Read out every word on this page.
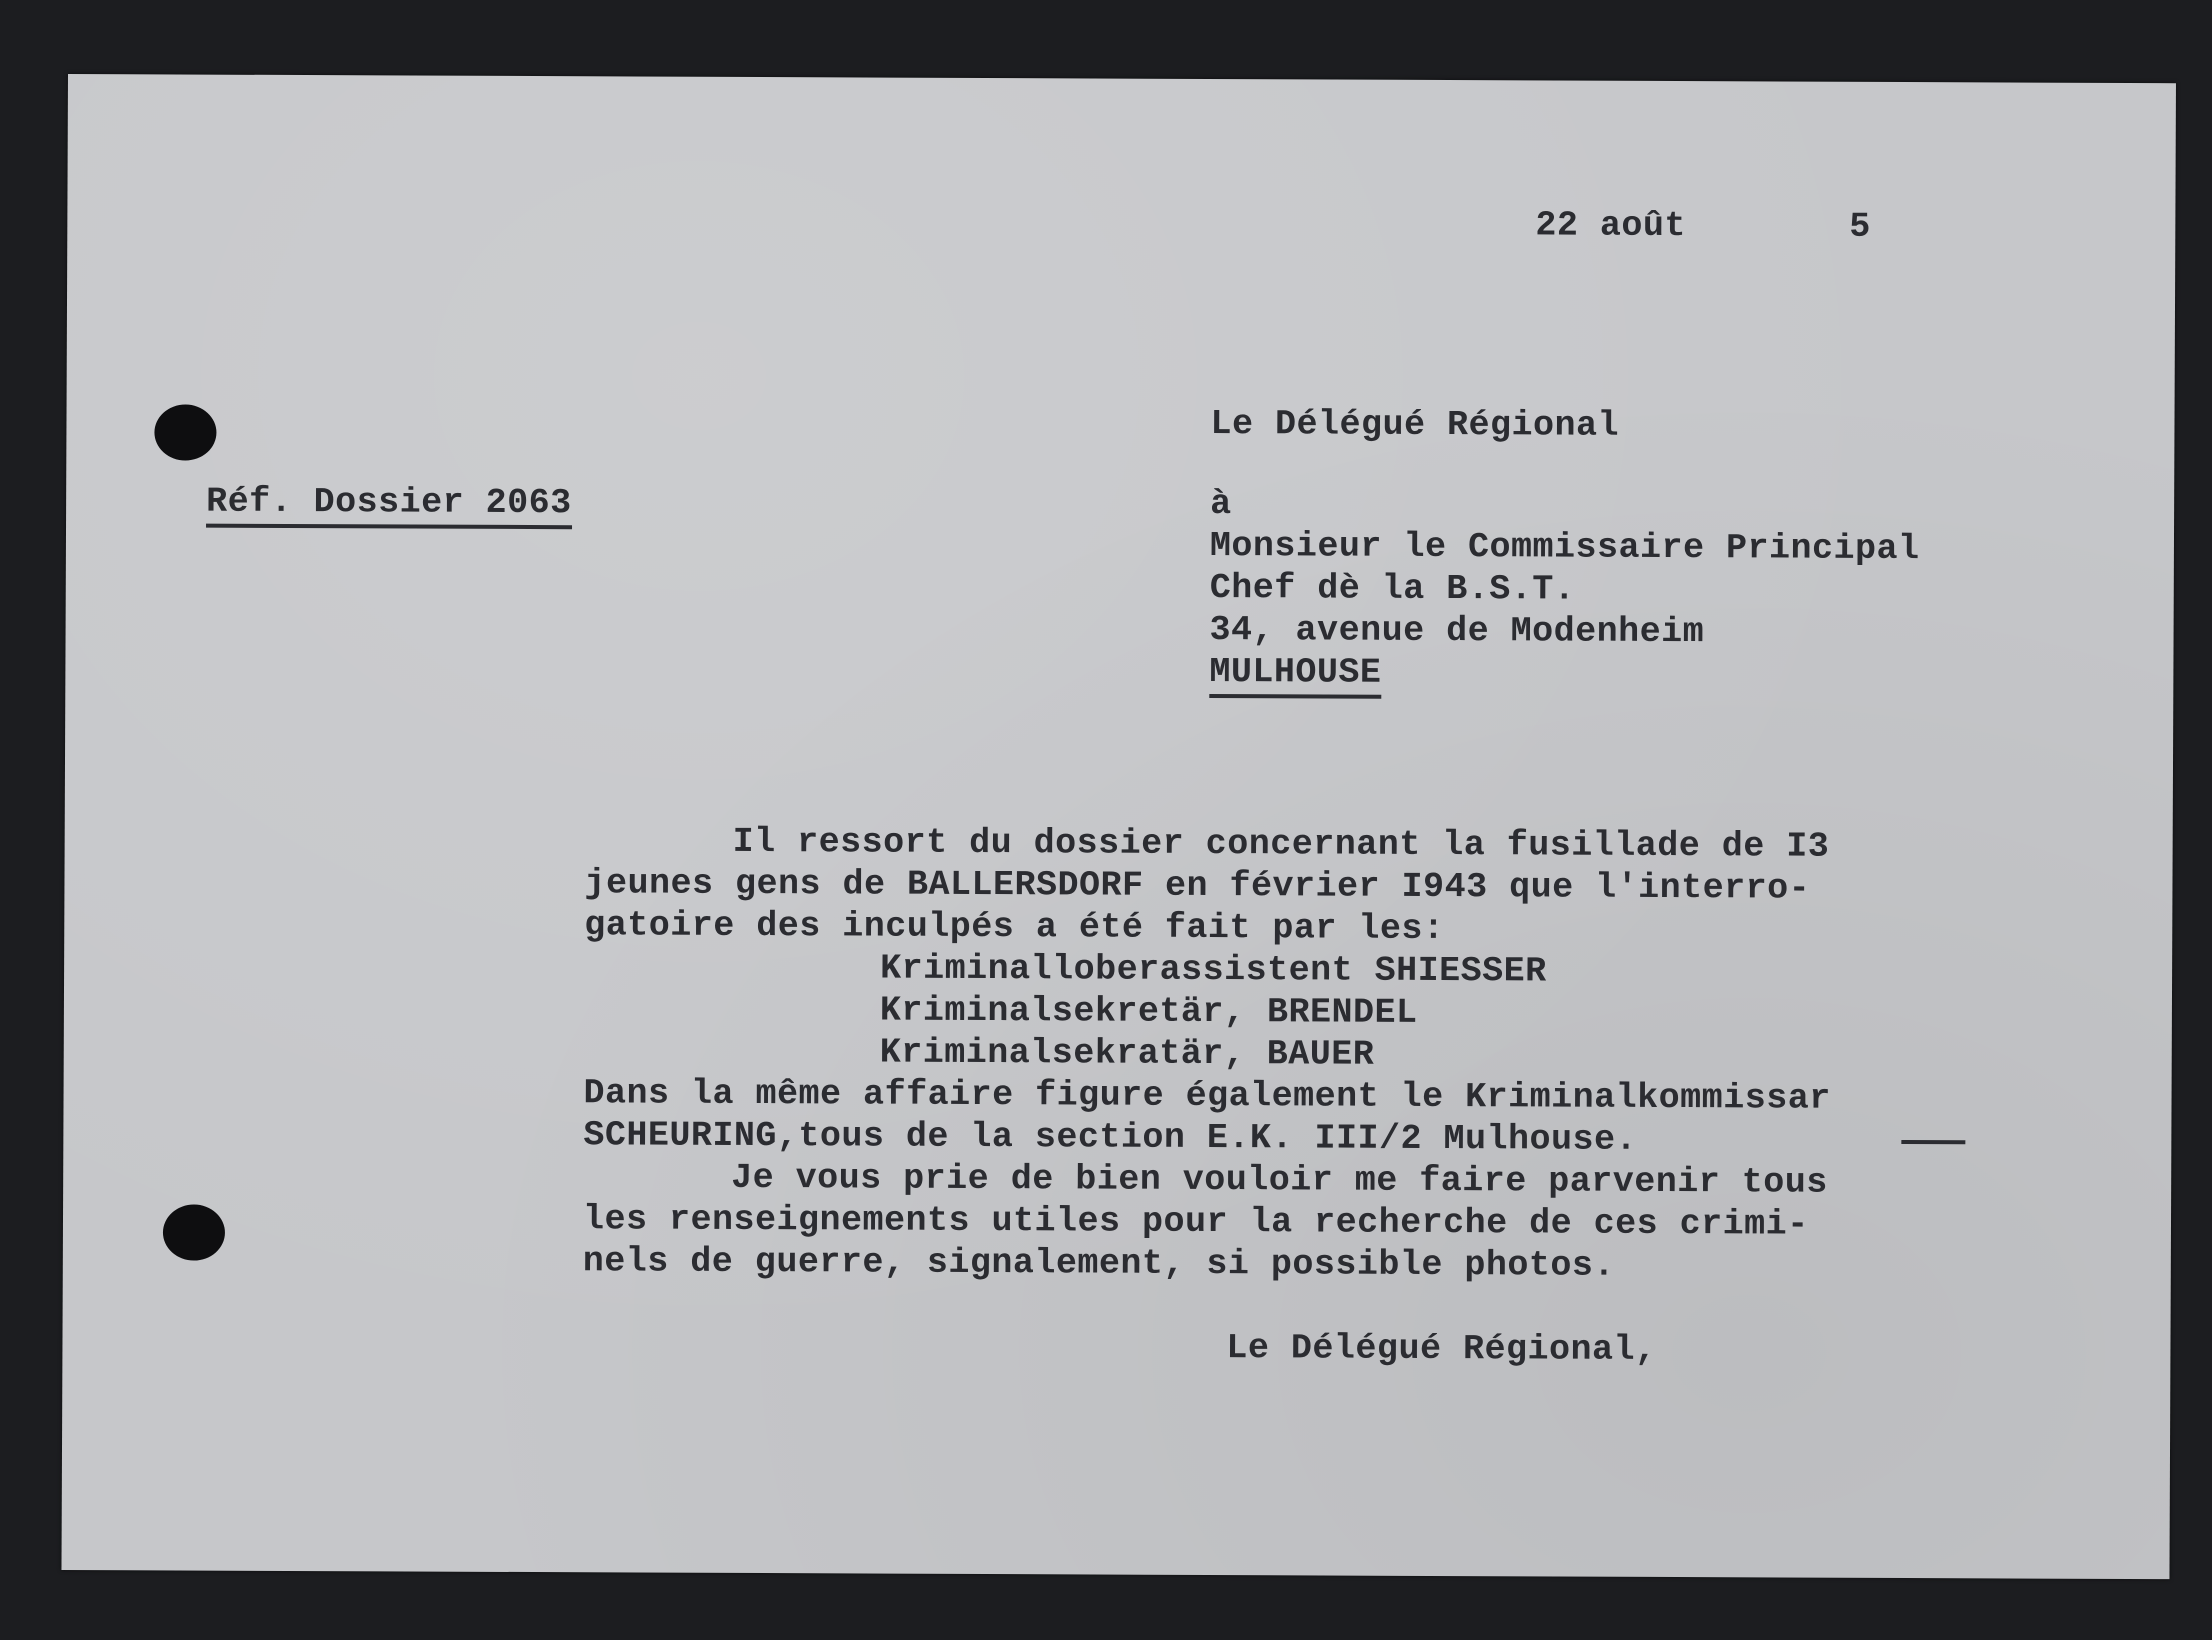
22 août	5

Le Délégué Régional

Réf. Dossier 2063	à

Monsieur le Commissaire Principal

Chef dè la B.S.T.

34, avenue de Modenheim

MULHOUSE

Il ressort du dossier concernant la fusillade de I3

jeunes gens de BALLERSDORF en février I943 que l'interro-

gatoire des inculpés a été fait par les:

Kriminalloberassistent SHIESSER

Kriminalsekretär, BRENDEL

Kriminalsekratär, BAUER

Dans la même affaire figure également le Kriminalkommissar

SCHEURING,tous de la section E.K. III/2 Mulhouse.

Je vous prie de bien vouloir me faire parvenir tous

les renseignements utiles pour la recherche de ces crimi-

nels de guerre, signalement, si possible photos.

Le Délégué Régional,
